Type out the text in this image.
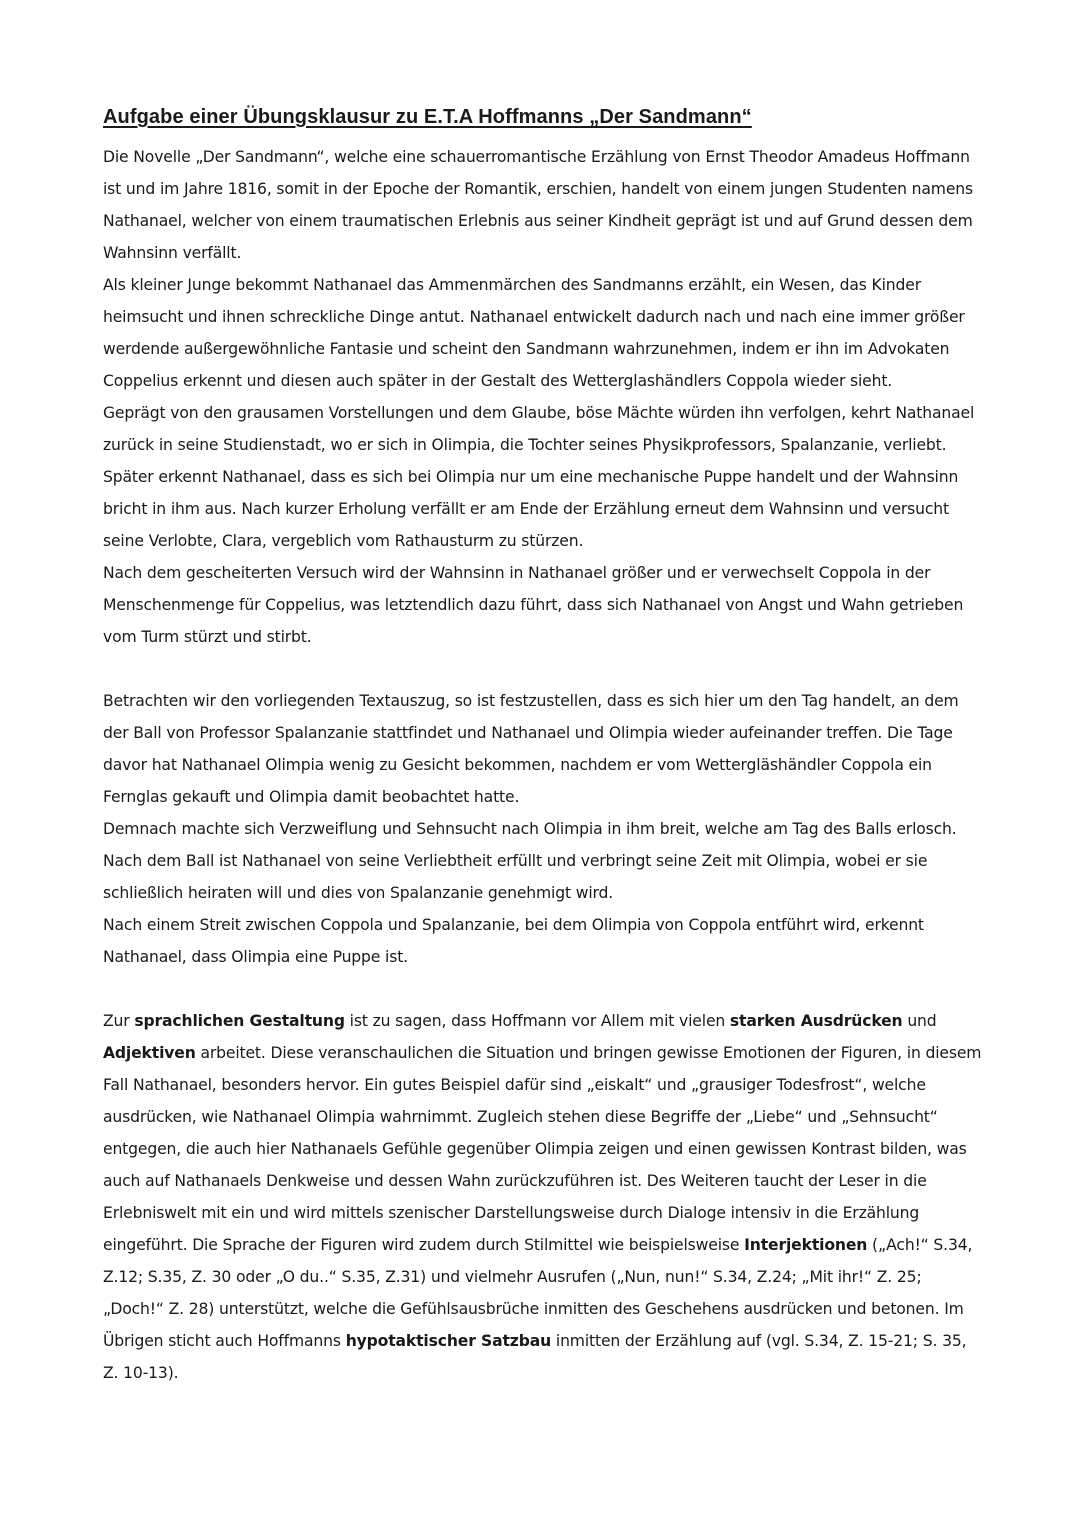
Aufgabe einer Übungsklausur zu E.T.A Hoffmanns „Der Sandmann“

Die Novelle „Der Sandmann“, welche eine schauerromantische Erzählung von Ernst Theodor Amadeus Hoffmann ist und im Jahre 1816, somit in der Epoche der Romantik, erschien, handelt von einem jungen Studenten namens Nathanael, welcher von einem traumatischen Erlebnis aus seiner Kindheit geprägt ist und auf Grund dessen dem Wahnsinn verfällt.

Als kleiner Junge bekommt Nathanael das Ammenmärchen des Sandmanns erzählt, ein Wesen, das Kinder heimsucht und ihnen schreckliche Dinge antut. Nathanael entwickelt dadurch nach und nach eine immer größer werdende außergewöhnliche Fantasie und scheint den Sandmann wahrzunehmen, indem er ihn im Advokaten Coppelius erkennt und diesen auch später in der Gestalt des Wetterglashändlers Coppola wieder sieht.

Geprägt von den grausamen Vorstellungen und dem Glaube, böse Mächte würden ihn verfolgen, kehrt Nathanael zurück in seine Studienstadt, wo er sich in Olimpia, die Tochter seines Physikprofessors, Spalanzanie, verliebt. Später erkennt Nathanael, dass es sich bei Olimpia nur um eine mechanische Puppe handelt und der Wahnsinn bricht in ihm aus. Nach kurzer Erholung verfällt er am Ende der Erzählung erneut dem Wahnsinn und versucht seine Verlobte, Clara, vergeblich vom Rathausturm zu stürzen.

Nach dem gescheiterten Versuch wird der Wahnsinn in Nathanael größer und er verwechselt Coppola in der Menschenmenge für Coppelius, was letztendlich dazu führt, dass sich Nathanael von Angst und Wahn getrieben vom Turm stürzt und stirbt.

Betrachten wir den vorliegenden Textauszug, so ist festzustellen, dass es sich hier um den Tag handelt, an dem der Ball von Professor Spalanzanie stattfindet und Nathanael und Olimpia wieder aufeinander treffen. Die Tage davor hat Nathanael Olimpia wenig zu Gesicht bekommen, nachdem er vom Wettergläshändler Coppola ein Fernglas gekauft und Olimpia damit beobachtet hatte.

Demnach machte sich Verzweiflung und Sehnsucht nach Olimpia in ihm breit, welche am Tag des Balls erlosch. Nach dem Ball ist Nathanael von seine Verliebtheit erfüllt und verbringt seine Zeit mit Olimpia, wobei er sie schließlich heiraten will und dies von Spalanzanie genehmigt wird.

Nach einem Streit zwischen Coppola und Spalanzanie, bei dem Olimpia von Coppola entführt wird, erkennt Nathanael, dass Olimpia eine Puppe ist.

Zur sprachlichen Gestaltung ist zu sagen, dass Hoffmann vor Allem mit vielen starken Ausdrücken und Adjektiven arbeitet. Diese veranschaulichen die Situation und bringen gewisse Emotionen der Figuren, in diesem Fall Nathanael, besonders hervor. Ein gutes Beispiel dafür sind „eiskalt“ und „grausiger Todesfrost“, welche ausdrücken, wie Nathanael Olimpia wahrnimmt. Zugleich stehen diese Begriffe der „Liebe“ und „Sehnsucht“ entgegen, die auch hier Nathanaels Gefühle gegenüber Olimpia zeigen und einen gewissen Kontrast bilden, was auch auf Nathanaels Denkweise und dessen Wahn zurückzuführen ist. Des Weiteren taucht der Leser in die Erlebniswelt mit ein und wird mittels szenischer Darstellungsweise durch Dialoge intensiv in die Erzählung eingeführt. Die Sprache der Figuren wird zudem durch Stilmittel wie beispielsweise Interjektionen („Ach!“ S.34, Z.12; S.35, Z. 30 oder „O du..“ S.35, Z.31) und vielmehr Ausrufen („Nun, nun!“ S.34, Z.24; „Mit ihr!“ Z. 25; „Doch!“ Z. 28) unterstützt, welche die Gefühlsausbrüche inmitten des Geschehens ausdrücken und betonen. Im Übrigen sticht auch Hoffmanns hypotaktischer Satzbau inmitten der Erzählung auf (vgl. S.34, Z. 15-21; S. 35, Z. 10-13).
